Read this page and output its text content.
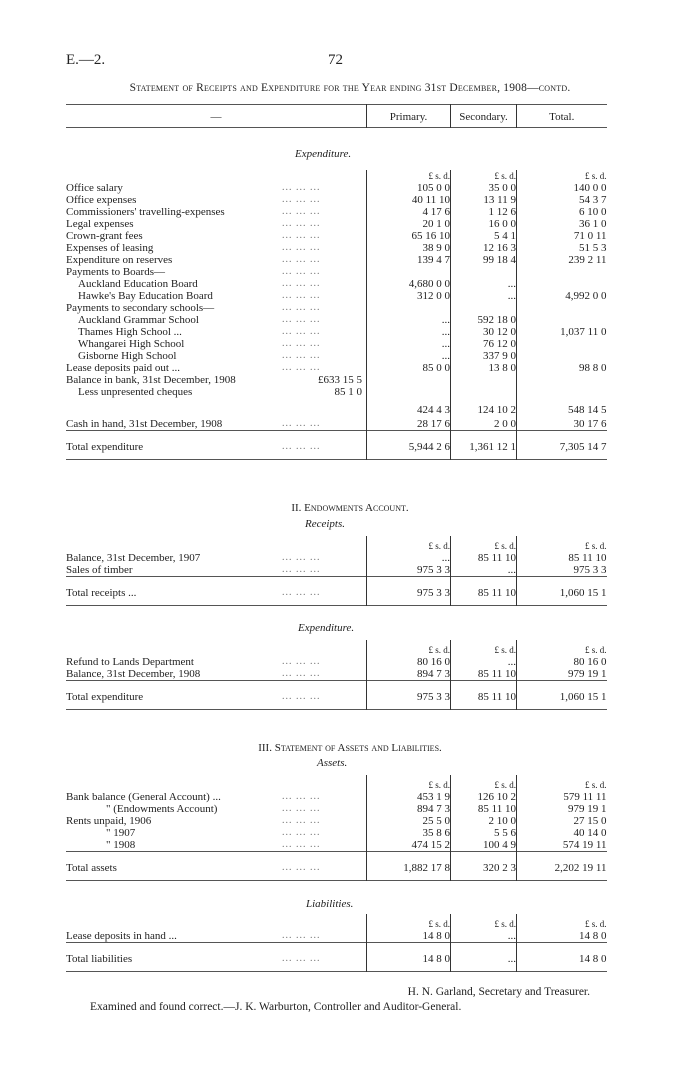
E.—2.	72
Statement of Receipts and Expenditure for the Year ending 31st December, 1908—contd.
—	Primary.	Secondary.	Total.
Expenditure.
		£ s. d.	£ s. d.	£ s. d.
Office salary	... ... ...	105 0 0	35 0 0	140 0 0
Office expenses	... ... ...	40 11 10	13 11 9	54 3 7
Commissioners' travelling-expenses	... ... ...	4 17 6	1 12 6	6 10 0
Legal expenses	... ... ...	20 1 0	16 0 0	36 1 0
Crown-grant fees	... ... ...	65 16 10	5 4 1	71 0 11
Expenses of leasing	... ... ...	38 9 0	12 16 3	51 5 3
Expenditure on reserves	... ... ...	139 4 7	99 18 4	239 2 11
Payments to Boards—	... ... ...			
Auckland Education Board	... ... ...	4,680 0 0	...	
Hawke's Bay Education Board	... ... ...	312 0 0	...	4,992 0 0
Payments to secondary schools—	... ... ...			
Auckland Grammar School	... ... ...	...	592 18 0	
Thames High School ...	... ... ...	...	30 12 0	1,037 11 0
Whangarei High School	... ... ...	...	76 12 0	
Gisborne High School	... ... ...	...	337 9 0	
Lease deposits paid out ...	... ... ...	85 0 0	13 8 0	98 8 0
Balance in bank, 31st December, 1908	£633 15 5			
Less unpresented cheques	85 1 0			
		424 4 3	124 10 2	548 14 5
Cash in hand, 31st December, 1908	... ... ...	28 17 6	2 0 0	30 17 6
Total expenditure	... ... ...	5,944 2 6	1,361 12 1	7,305 14 7
II. Endowments Account.
Receipts.
		£ s. d.	£ s. d.	£ s. d.
Balance, 31st December, 1907	... ... ...	...	85 11 10	85 11 10
Sales of timber	... ... ...	975 3 3	...	975 3 3
Total receipts ...	... ... ...	975 3 3	85 11 10	1,060 15 1
Expenditure.
		£ s. d.	£ s. d.	£ s. d.
Refund to Lands Department	... ... ...	80 16 0	...	80 16 0
Balance, 31st December, 1908	... ... ...	894 7 3	85 11 10	979 19 1
Total expenditure	... ... ...	975 3 3	85 11 10	1,060 15 1
III. Statement of Assets and Liabilities.
Assets.
		£ s. d.	£ s. d.	£ s. d.
Bank balance (General Account) ...	... ... ...	453 1 9	126 10 2	579 11 11
" (Endowments Account)	... ... ...	894 7 3	85 11 10	979 19 1
Rents unpaid, 1906	... ... ...	25 5 0	2 10 0	27 15 0
" 1907	... ... ...	35 8 6	5 5 6	40 14 0
" 1908	... ... ...	474 15 2	100 4 9	574 19 11
Total assets	... ... ...	1,882 17 8	320 2 3	2,202 19 11
Liabilities.
		£ s. d.	£ s. d.	£ s. d.
Lease deposits in hand ...	... ... ...	14 8 0	...	14 8 0
Total liabilities	... ... ...	14 8 0	...	14 8 0
H. N. Garland, Secretary and Treasurer.
Examined and found correct.—J. K. Warburton, Controller and Auditor-General.
